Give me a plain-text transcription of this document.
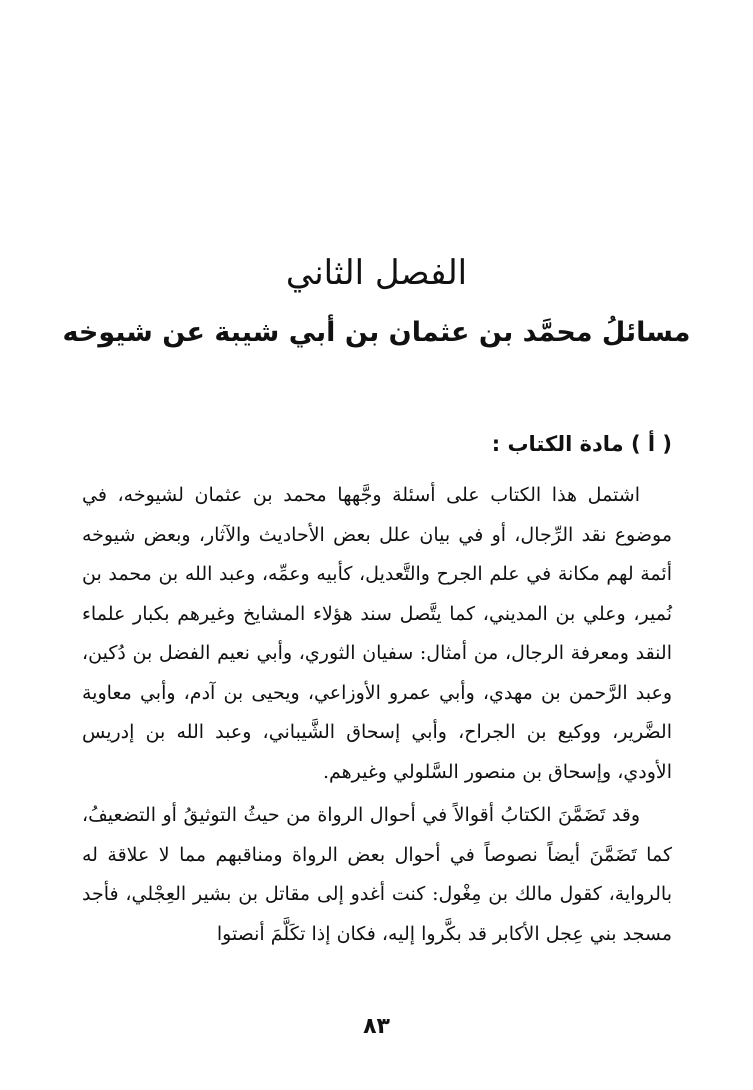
الفصل الثاني
مسائلُ محمَّد بن عثمان بن أبي شيبة عن شيوخه
( أ ) مادة الكتاب :

اشتمل هذا الكتاب على أسئلة وجَّهها محمد بن عثمان لشيوخه، في موضوع نقد الرِّجال، أو في بيان علل بعض الأحاديث والآثار، وبعض شيوخه أئمة لهم مكانة في علم الجرح والتَّعديل، كأبيه وعمِّه، وعبد الله بن محمد بن نُمير، وعلي بن المديني، كما يتَّصل سند هؤلاء المشايخ وغيرهم بكبار علماء النقد ومعرفة الرجال، من أمثال: سفيان الثوري، وأبي نعيم الفضل بن دُكين، وعبد الرَّحمن بن مهدي، وأبي عمرو الأوزاعي، ويحيى بن آدم، وأبي معاوية الضَّرير، ووكيع بن الجراح، وأبي إسحاق الشَّيباني، وعبد الله بن إدريس الأودي، وإسحاق بن منصور السَّلولي وغيرهم.

وقد تَضَمَّنَ الكتابُ أقوالاً في أحوال الرواة من حيثُ التوثيقُ أو التضعيفُ، كما تَضَمَّنَ أيضاً نصوصاً في أحوال بعض الرواة ومناقبهم مما لا علاقة له بالرواية، كقول مالك بن مِغْول: كنت أغدو إلى مقاتل بن بشير العِجْلي، فأجد مسجد بني عِجل الأكابر قد بكَّروا إليه، فكان إذا تكَلَّمَ أنصتوا

٨٣
